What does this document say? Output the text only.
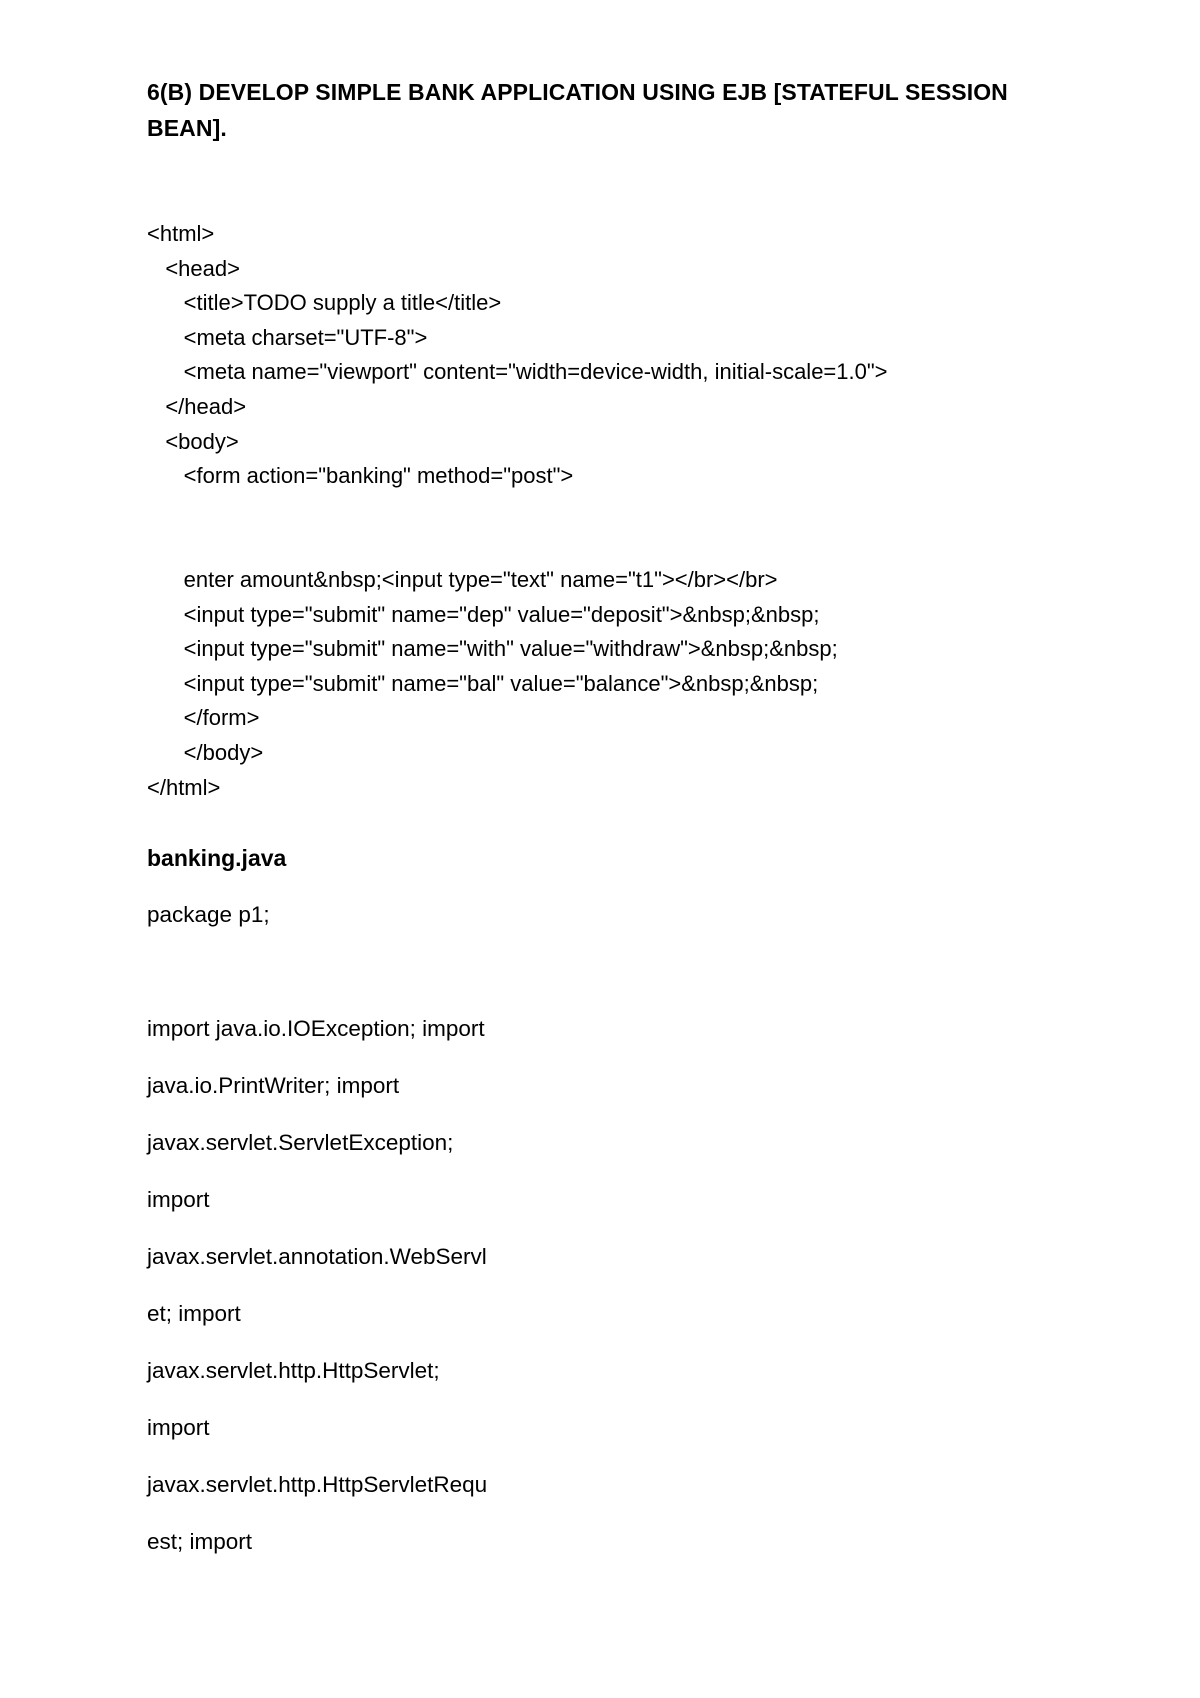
6(B) DEVELOP SIMPLE BANK APPLICATION USING EJB [STATEFUL SESSION
BEAN].
<html>
<head>
<title>TODO supply a title</title>
<meta charset="UTF-8">
<meta name="viewport" content="width=device-width, initial-scale=1.0">
</head>
<body>
<form action="banking" method="post">
enter amount&nbsp;<input type="text" name="t1"></br></br>
<input type="submit" name="dep" value="deposit">&nbsp;&nbsp;
<input type="submit" name="with" value="withdraw">&nbsp;&nbsp;
<input type="submit" name="bal" value="balance">&nbsp;&nbsp;
</form>
</body>
</html>
banking.java
package p1;
import java.io.IOException; import
java.io.PrintWriter; import
javax.servlet.ServletException;
import
javax.servlet.annotation.WebServl
et; import
javax.servlet.http.HttpServlet;
import
javax.servlet.http.HttpServletRequ
est; import
